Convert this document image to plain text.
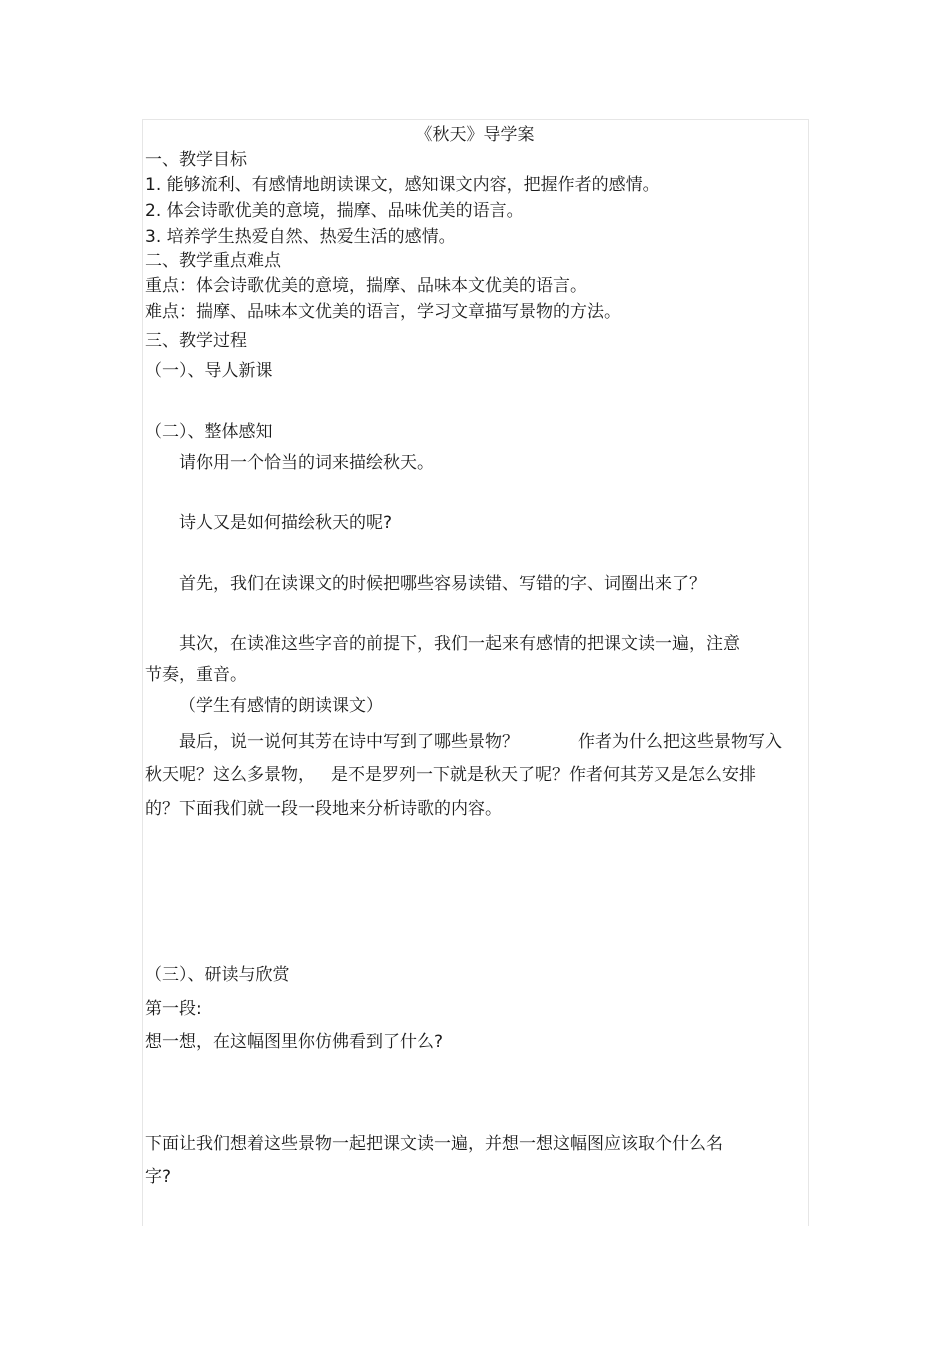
《秋天》导学案
一、教学目标
1. 能够流利、有感情地朗读课文，感知课文内容，把握作者的感情。
2. 体会诗歌优美的意境，揣摩、品味优美的语言。
3. 培养学生热爱自然、热爱生活的感情。
二、教学重点难点
重点：体会诗歌优美的意境，揣摩、品味本文优美的语言。
难点：揣摩、品味本文优美的语言，学习文章描写景物的方法。
三、教学过程
（一）、导人新课
（二）、整体感知
请你用一个恰当的词来描绘秋天。
诗人又是如何描绘秋天的呢?
首先，我们在读课文的时候把哪些容易读错、写错的字、词圈出来了？
其次，在读准这些字音的前提下，我们一起来有感情的把课文读一遍，注意
节奏，重音。
（学生有感情的朗读课文）
最后，说一说何其芳在诗中写到了哪些景物？	作者为什么把这些景物写入
秋天呢？这么多景物， 是不是罗列一下就是秋天了呢？作者何其芳又是怎么安排
的？下面我们就一段一段地来分析诗歌的内容。
（三）、研读与欣赏
第一段:
想一想，在这幅图里你仿佛看到了什么?
下面让我们想着这些景物一起把课文读一遍，并想一想这幅图应该取个什么名
字?
